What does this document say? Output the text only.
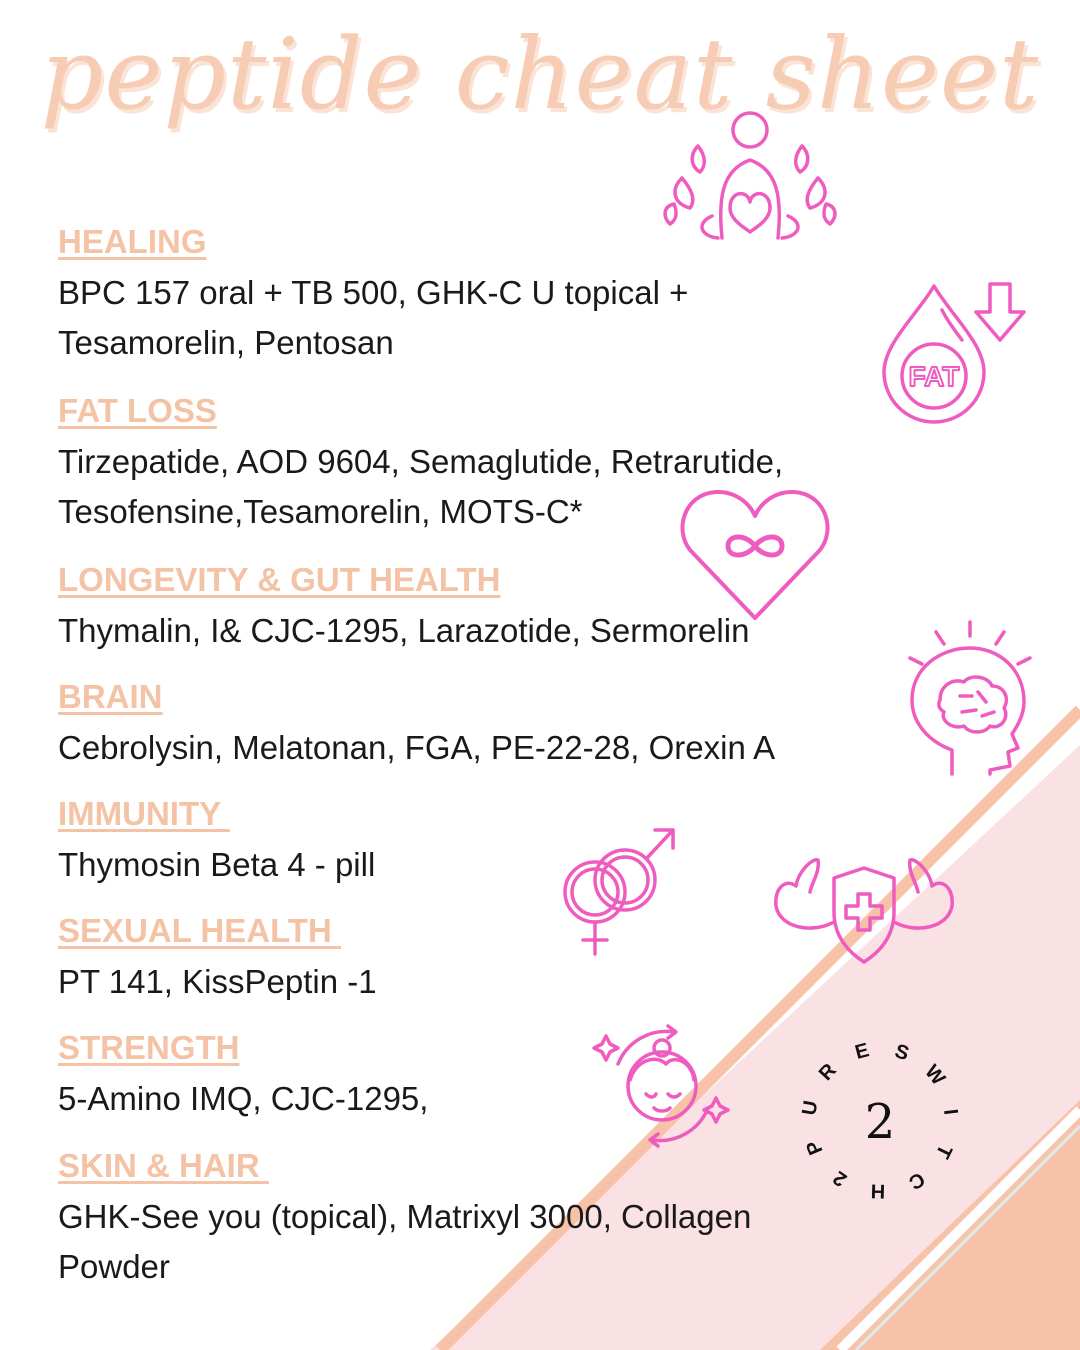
peptide cheat sheet
HEALING
BPC 157 oral + TB 500, GHK-C U topical +
Tesamorelin, Pentosan
FAT LOSS
Tirzepatide, AOD 9604, Semaglutide, Retrarutide,
Tesofensine,Tesamorelin, MOTS-C*
LONGEVITY & GUT HEALTH
Thymalin, I& CJC-1295, Larazotide, Sermorelin
BRAIN
Cebrolysin, Melatonan, FGA, PE-22-28, Orexin A
IMMUNITY
Thymosin Beta 4 - pill
SEXUAL HEALTH
PT 141, KissPeptin -1
STRENGTH
5-Amino IMQ, CJC-1295,
SKIN & HAIR
GHK-See you (topical), Matrixyl 3000, Collagen
Powder
FAT
2
S
W
I
T
C
H
2
P
U
R
E
